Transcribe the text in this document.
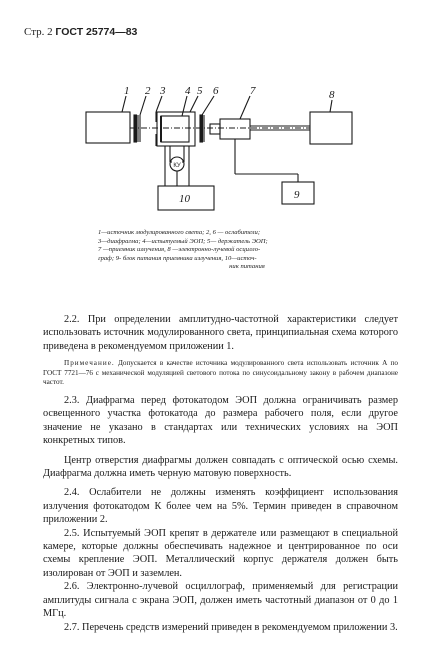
Стр. 2 ГОСТ 25774—83
1 2 3 4 5 6	7	8
9
10
КУ

1—источник модулированного света; 2, 6 — ослабители;

3—диафрагма; 4—испытуемый ЭОП; 5— держатель ЭОП;

7 —приемник излучения, 8 —электронно-лучевой осцилло-

граф; 9- блок питания приемника излучения, 10—источ-

ник питания

2.2. При определении амплитудно-частотной характеристики следует использовать источник модулированного света, принципиальная схема которого приведена в рекомендуемом приложении 1.

Примечание. Допускается в качестве источника модулированного света использовать источник А по ГОСТ 7721—76 с механической модуляцией светового потока по синусоидальному закону в рабочем диапазоне частот.

2.3. Диафрагма перед фотокатодом ЭОП должна ограничивать размер освещенного участка фотокатода до размера рабочего поля, если другое значение не указано в стандартах или технических условиях на ЭОП конкретных типов.

Центр отверстия диафрагмы должен совпадать с оптической осью схемы. Диафрагма должна иметь черную матовую поверхность.

2.4. Ослабители не должны изменять коэффициент использования излучения фотокатодом К более чем на 5%. Термин приведен в справочном приложении 2.

2.5. Испытуемый ЭОП крепят в держателе или размещают в специальной камере, которые должны обеспечивать надежное и центрированное по оси схемы крепление ЭОП. Металлический корпус держателя должен быть изолирован от ЭОП и заземлен.

2.6. Электронно-лучевой осциллограф, применяемый для регистрации амплитуды сигнала с экрана ЭОП, должен иметь частотный диапазон от 0 до 1 МГц.

2.7. Перечень средств измерений приведен в рекомендуемом приложении 3.
